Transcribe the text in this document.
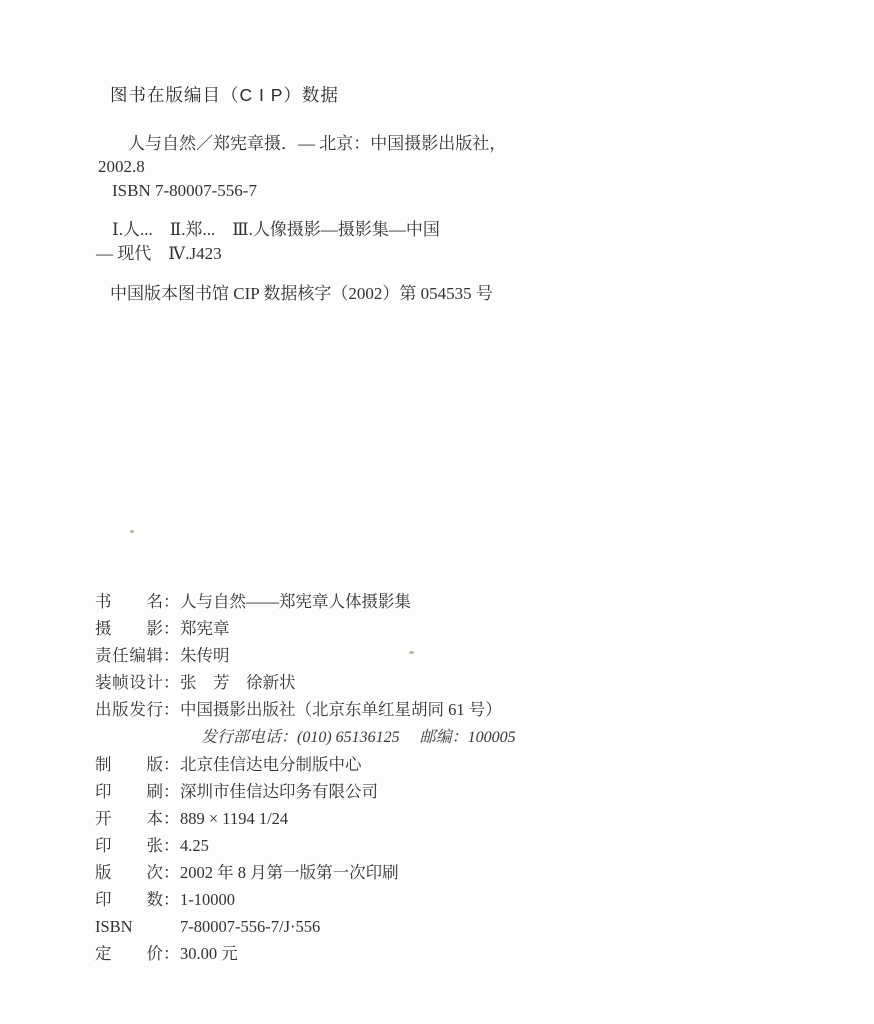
图书在版编目（C I P）数据
人与自然／郑宪章摄．— 北京：中国摄影出版社，
2002.8
ISBN 7-80007-556-7
Ⅰ.人...　Ⅱ.郑...　Ⅲ.人像摄影—摄影集—中国
— 现代　Ⅳ.J423
中国版本图书馆 CIP 数据核字（2002）第 054535 号
书名：人与自然——郑宪章人体摄影集
摄影：郑宪章
责任编辑：朱传明
装帧设计：张　芳　徐新状
出版发行：中国摄影出版社（北京东单红星胡同 61 号）
发行部电话：(010) 65136125　 邮编：100005
制版：北京佳信达电分制版中心
印刷：深圳市佳信达印务有限公司
开本：889 × 1194 1/24
印张：4.25
版次：2002 年 8 月第一版第一次印刷
印数：1-10000
ISBN　	7-80007-556-7/J·556
定价：30.00 元
